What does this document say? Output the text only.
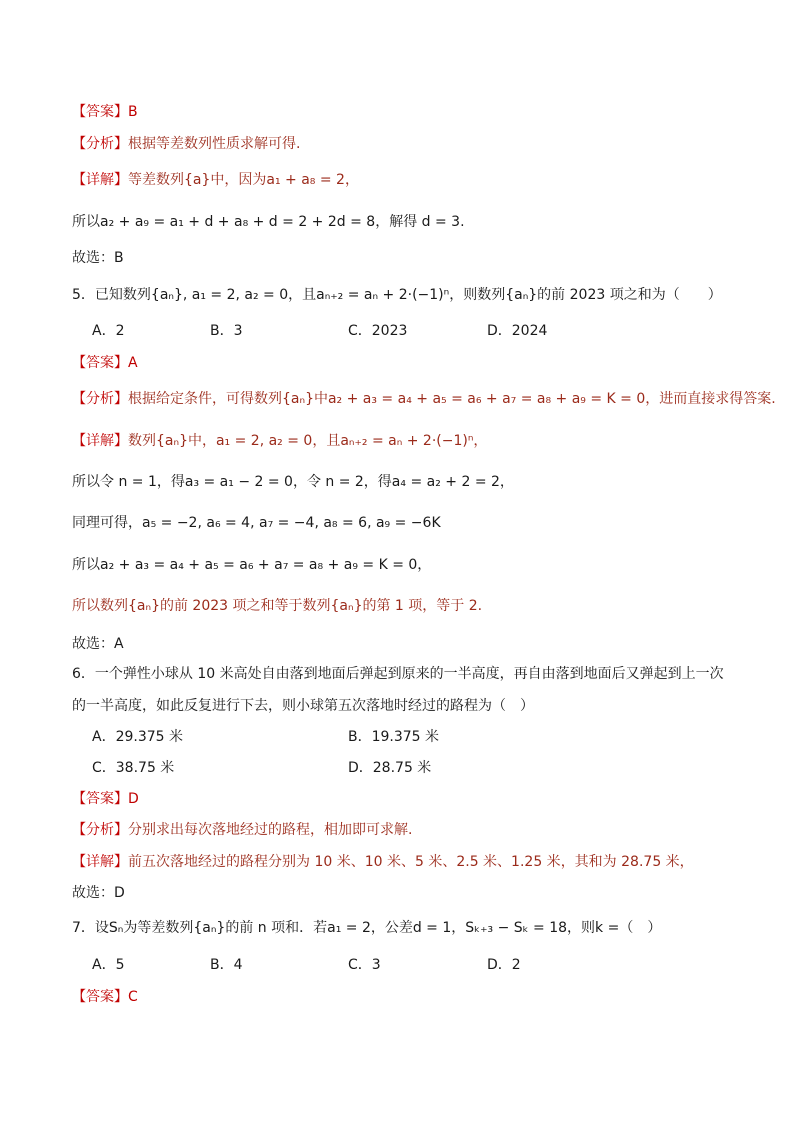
【答案】B
【分析】根据等差数列性质求解可得.
【详解】等差数列{a}中，因为a₁ + a₈ = 2，
所以a₂ + a₉ = a₁ + d + a₈ + d = 2 + 2d = 8，解得 d = 3.
故选：B
5．已知数列{aₙ}, a₁ = 2, a₂ = 0，且aₙ₊₂ = aₙ + 2·(−1)ⁿ，则数列{aₙ}的前 2023 项之和为（　　）
A．2	B．3	C．2023	D．2024
【答案】A
【分析】根据给定条件，可得数列{aₙ}中a₂ + a₃ = a₄ + a₅ = a₆ + a₇ = a₈ + a₉ = K = 0，进而直接求得答案.
【详解】数列{aₙ}中，a₁ = 2, a₂ = 0，且aₙ₊₂ = aₙ + 2·(−1)ⁿ，
所以令 n = 1，得a₃ = a₁ − 2 = 0，令 n = 2，得a₄ = a₂ + 2 = 2，
同理可得，a₅ = −2, a₆ = 4, a₇ = −4, a₈ = 6, a₉ = −6K
所以a₂ + a₃ = a₄ + a₅ = a₆ + a₇ = a₈ + a₉ = K = 0，
所以数列{aₙ}的前 2023 项之和等于数列{aₙ}的第 1 项，等于 2.
故选：A
6．一个弹性小球从 10 米高处自由落到地面后弹起到原来的一半高度，再自由落到地面后又弹起到上一次
的一半高度，如此反复进行下去，则小球第五次落地时经过的路程为（　）
A．29.375 米	B．19.375 米
C．38.75 米	D．28.75 米
【答案】D
【分析】分别求出每次落地经过的路程，相加即可求解.
【详解】前五次落地经过的路程分别为 10 米、10 米、5 米、2.5 米、1.25 米，其和为 28.75 米，
故选：D
7．设Sₙ为等差数列{aₙ}的前 n 项和．若a₁ = 2，公差d = 1，Sₖ₊₃ − Sₖ = 18，则k =（　）
A．5	B．4	C．3	D．2
【答案】C
